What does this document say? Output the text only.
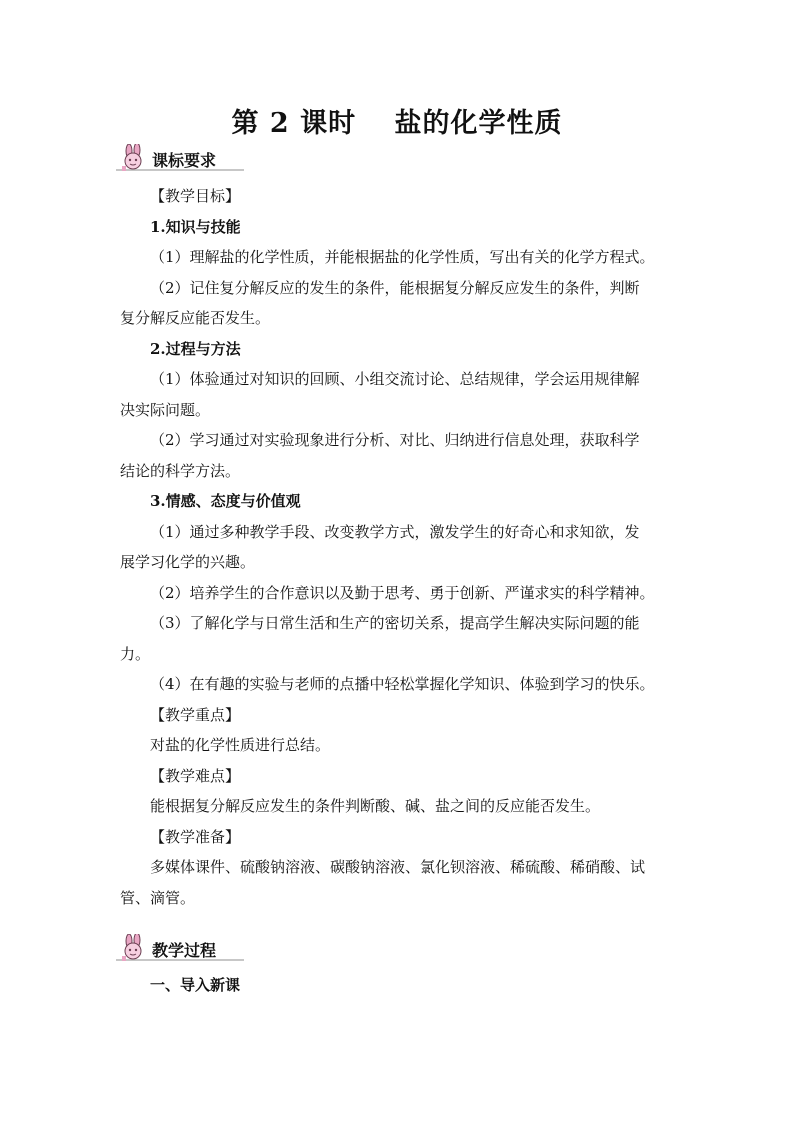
第 2 课时　 盐的化学性质
课标要求
【教学目标】
1.知识与技能
（1）理解盐的化学性质，并能根据盐的化学性质，写出有关的化学方程式。
（2）记住复分解反应的发生的条件，能根据复分解反应发生的条件，判断
复分解反应能否发生。
2.过程与方法
（1）体验通过对知识的回顾、小组交流讨论、总结规律，学会运用规律解
决实际问题。
（2）学习通过对实验现象进行分析、对比、归纳进行信息处理，获取科学
结论的科学方法。
3.情感、态度与价值观
（1）通过多种教学手段、改变教学方式，激发学生的好奇心和求知欲，发
展学习化学的兴趣。
（2）培养学生的合作意识以及勤于思考、勇于创新、严谨求实的科学精神。
（3）了解化学与日常生活和生产的密切关系，提高学生解决实际问题的能
力。
（4）在有趣的实验与老师的点播中轻松掌握化学知识、体验到学习的快乐。
【教学重点】
对盐的化学性质进行总结。
【教学难点】
能根据复分解反应发生的条件判断酸、碱、盐之间的反应能否发生。
【教学准备】
多媒体课件、硫酸钠溶液、碳酸钠溶液、氯化钡溶液、稀硫酸、稀硝酸、试
管、滴管。
教学过程
一、导入新课
